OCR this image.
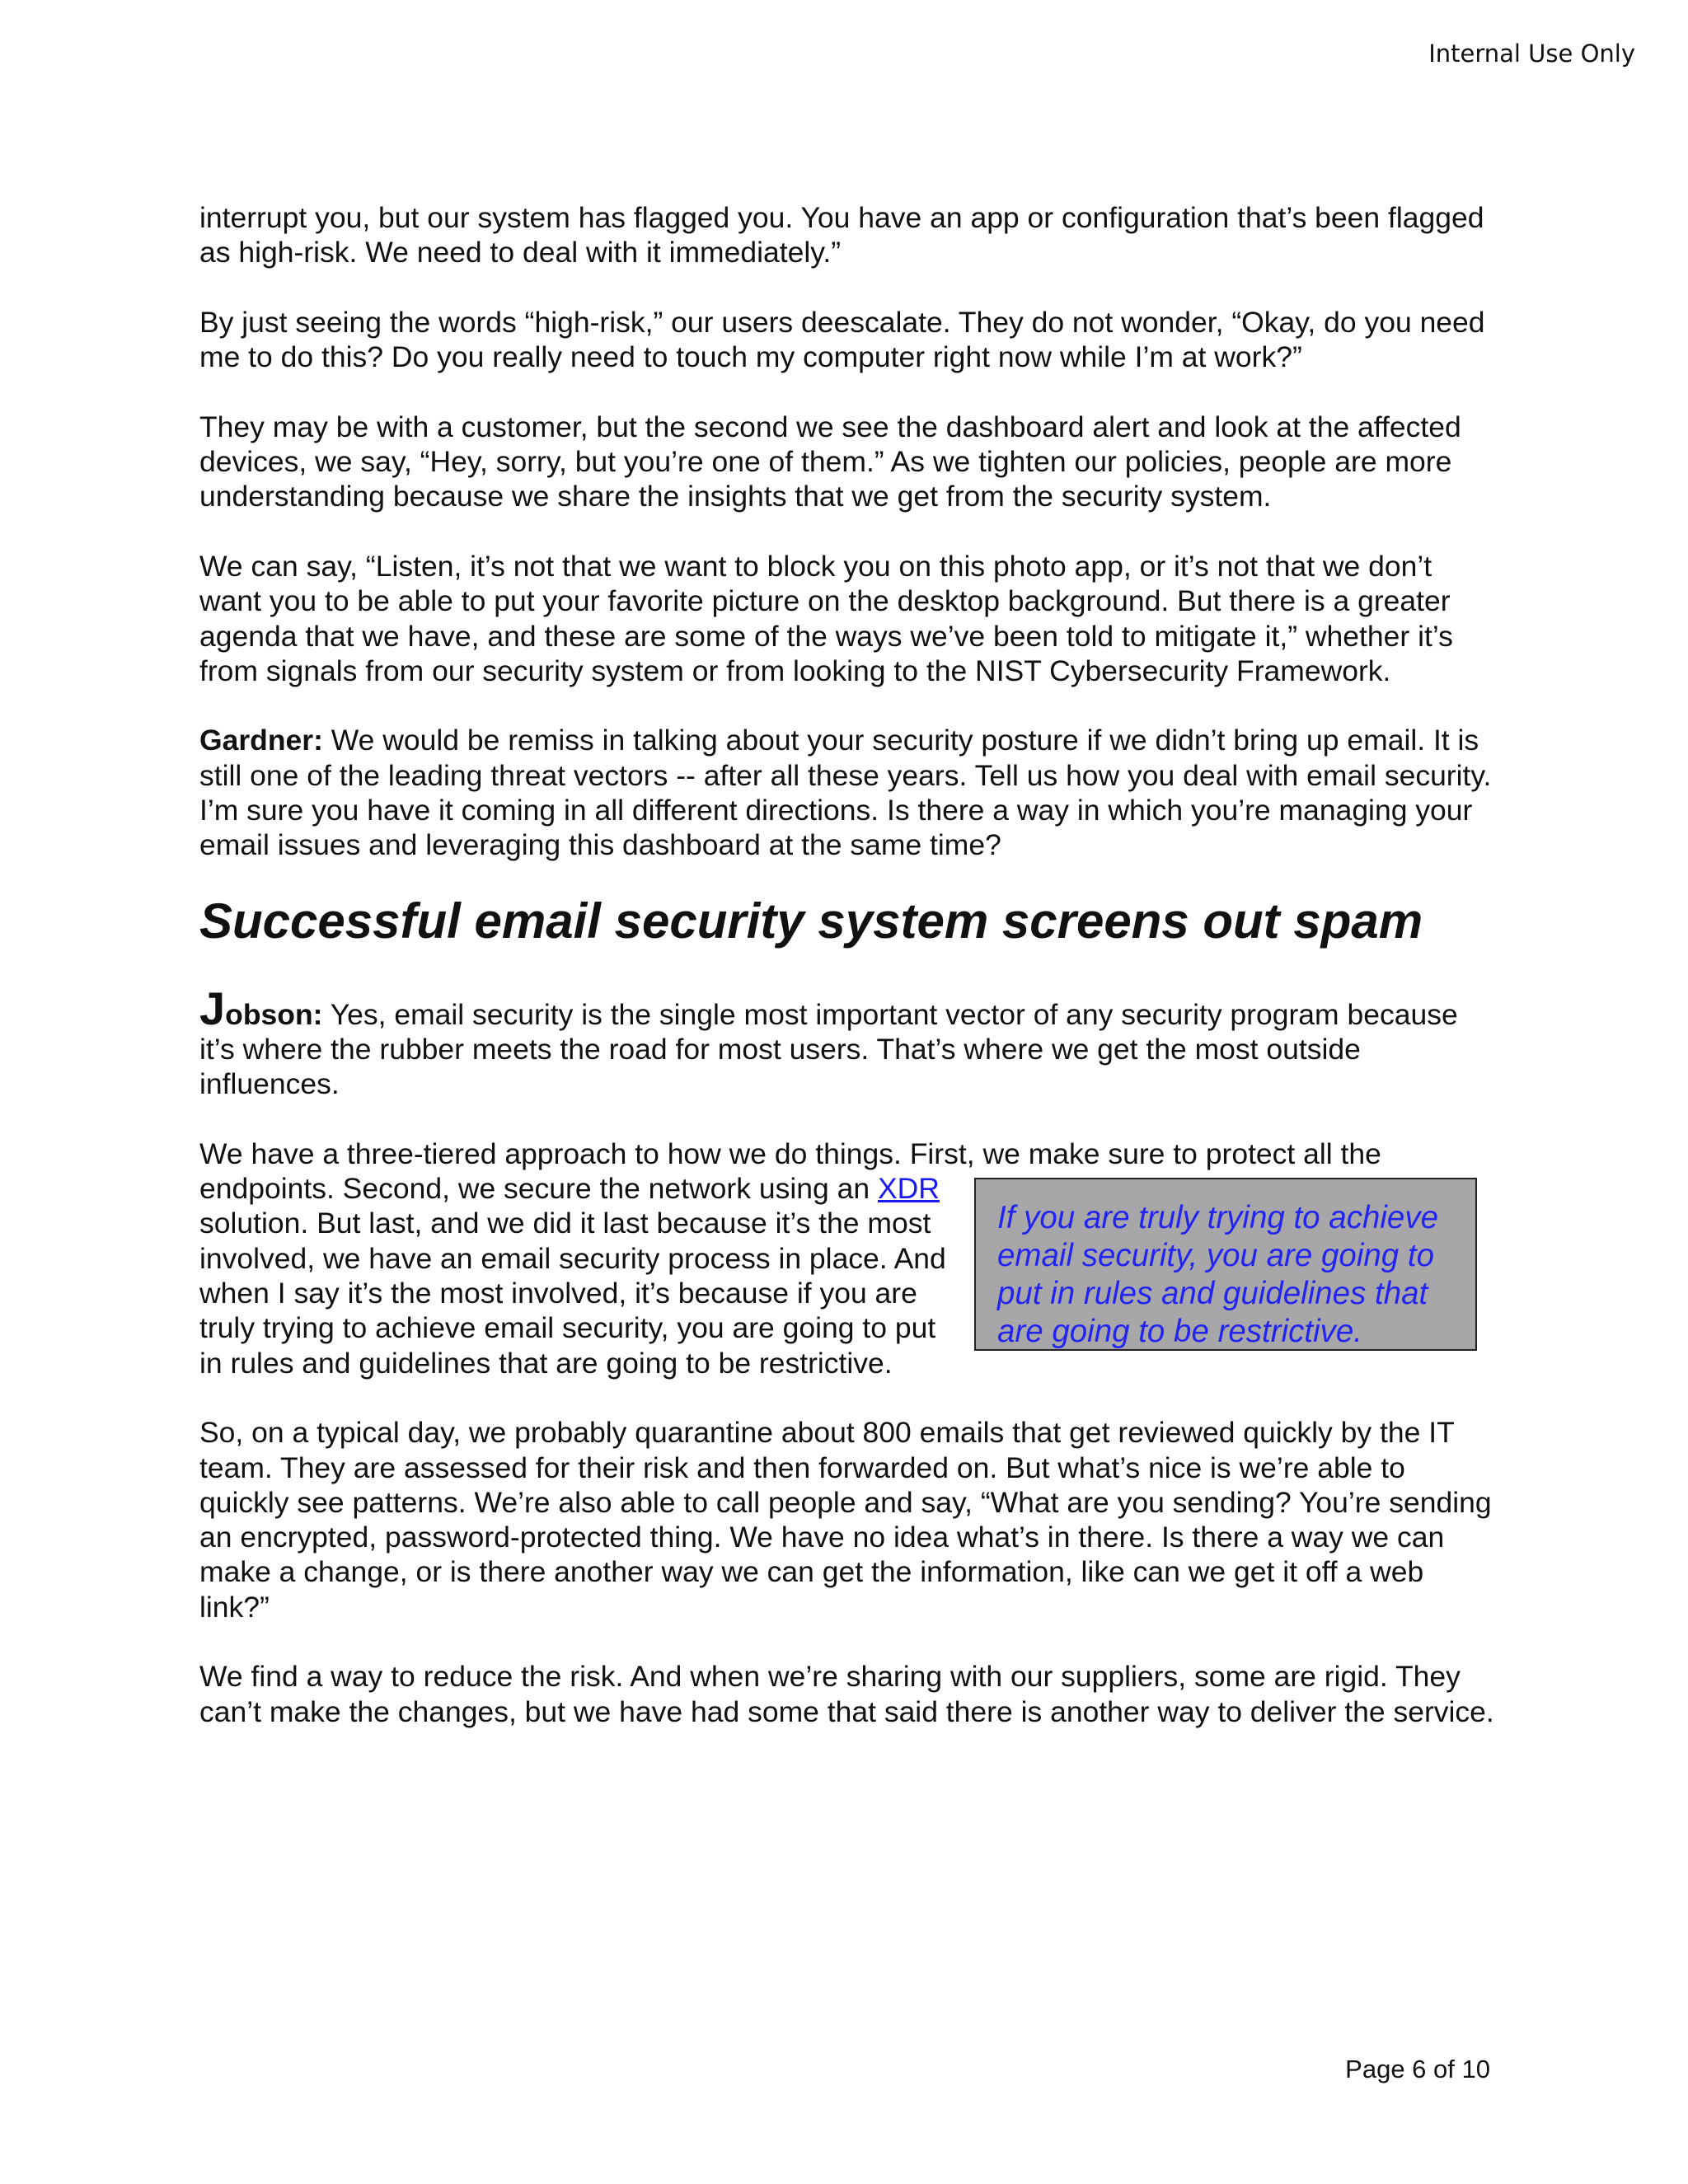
Internal Use Only

interrupt you, but our system has flagged you. You have an app or configuration that’s been flagged as high-risk. We need to deal with it immediately.”

By just seeing the words “high-risk,” our users deescalate. They do not wonder, “Okay, do you need me to do this? Do you really need to touch my computer right now while I’m at work?”

They may be with a customer, but the second we see the dashboard alert and look at the affected devices, we say, “Hey, sorry, but you’re one of them.” As we tighten our policies, people are more understanding because we share the insights that we get from the security system.

We can say, “Listen, it’s not that we want to block you on this photo app, or it’s not that we don’t want you to be able to put your favorite picture on the desktop background. But there is a greater agenda that we have, and these are some of the ways we’ve been told to mitigate it,” whether it’s from signals from our security system or from looking to the NIST Cybersecurity Framework.

Gardner: We would be remiss in talking about your security posture if we didn’t bring up email. It is still one of the leading threat vectors -- after all these years. Tell us how you deal with email security. I’m sure you have it coming in all different directions. Is there a way in which you’re managing your email issues and leveraging this dashboard at the same time?

Successful email security system screens out spam

Jobson: Yes, email security is the single most important vector of any security program because it’s where the rubber meets the road for most users. That’s where we get the most outside influences.

We have a three-tiered approach to how we do things. First, we make sure to protect all the endpoints. Second, we secure the network using an
If you are truly trying to achieve email security, you are going to put in rules and guidelines that are going to be restrictive.
XDR solution. But last, and we did it last because it’s the most involved, we have an email security process in place. And when I say it’s the most involved, it’s because if you are truly trying to achieve email security, you are going to put in rules and guidelines that are going to be restrictive.

So, on a typical day, we probably quarantine about 800 emails that get reviewed quickly by the IT team. They are assessed for their risk and then forwarded on. But what’s nice is we’re able to quickly see patterns. We’re also able to call people and say, “What are you sending? You’re sending an encrypted, password-protected thing. We have no idea what’s in there. Is there a way we can make a change, or is there another way we can get the information, like can we get it off a web link?”

We find a way to reduce the risk. And when we’re sharing with our suppliers, some are rigid. They can’t make the changes, but we have had some that said there is another way to deliver the service.

Page 6 of 10
